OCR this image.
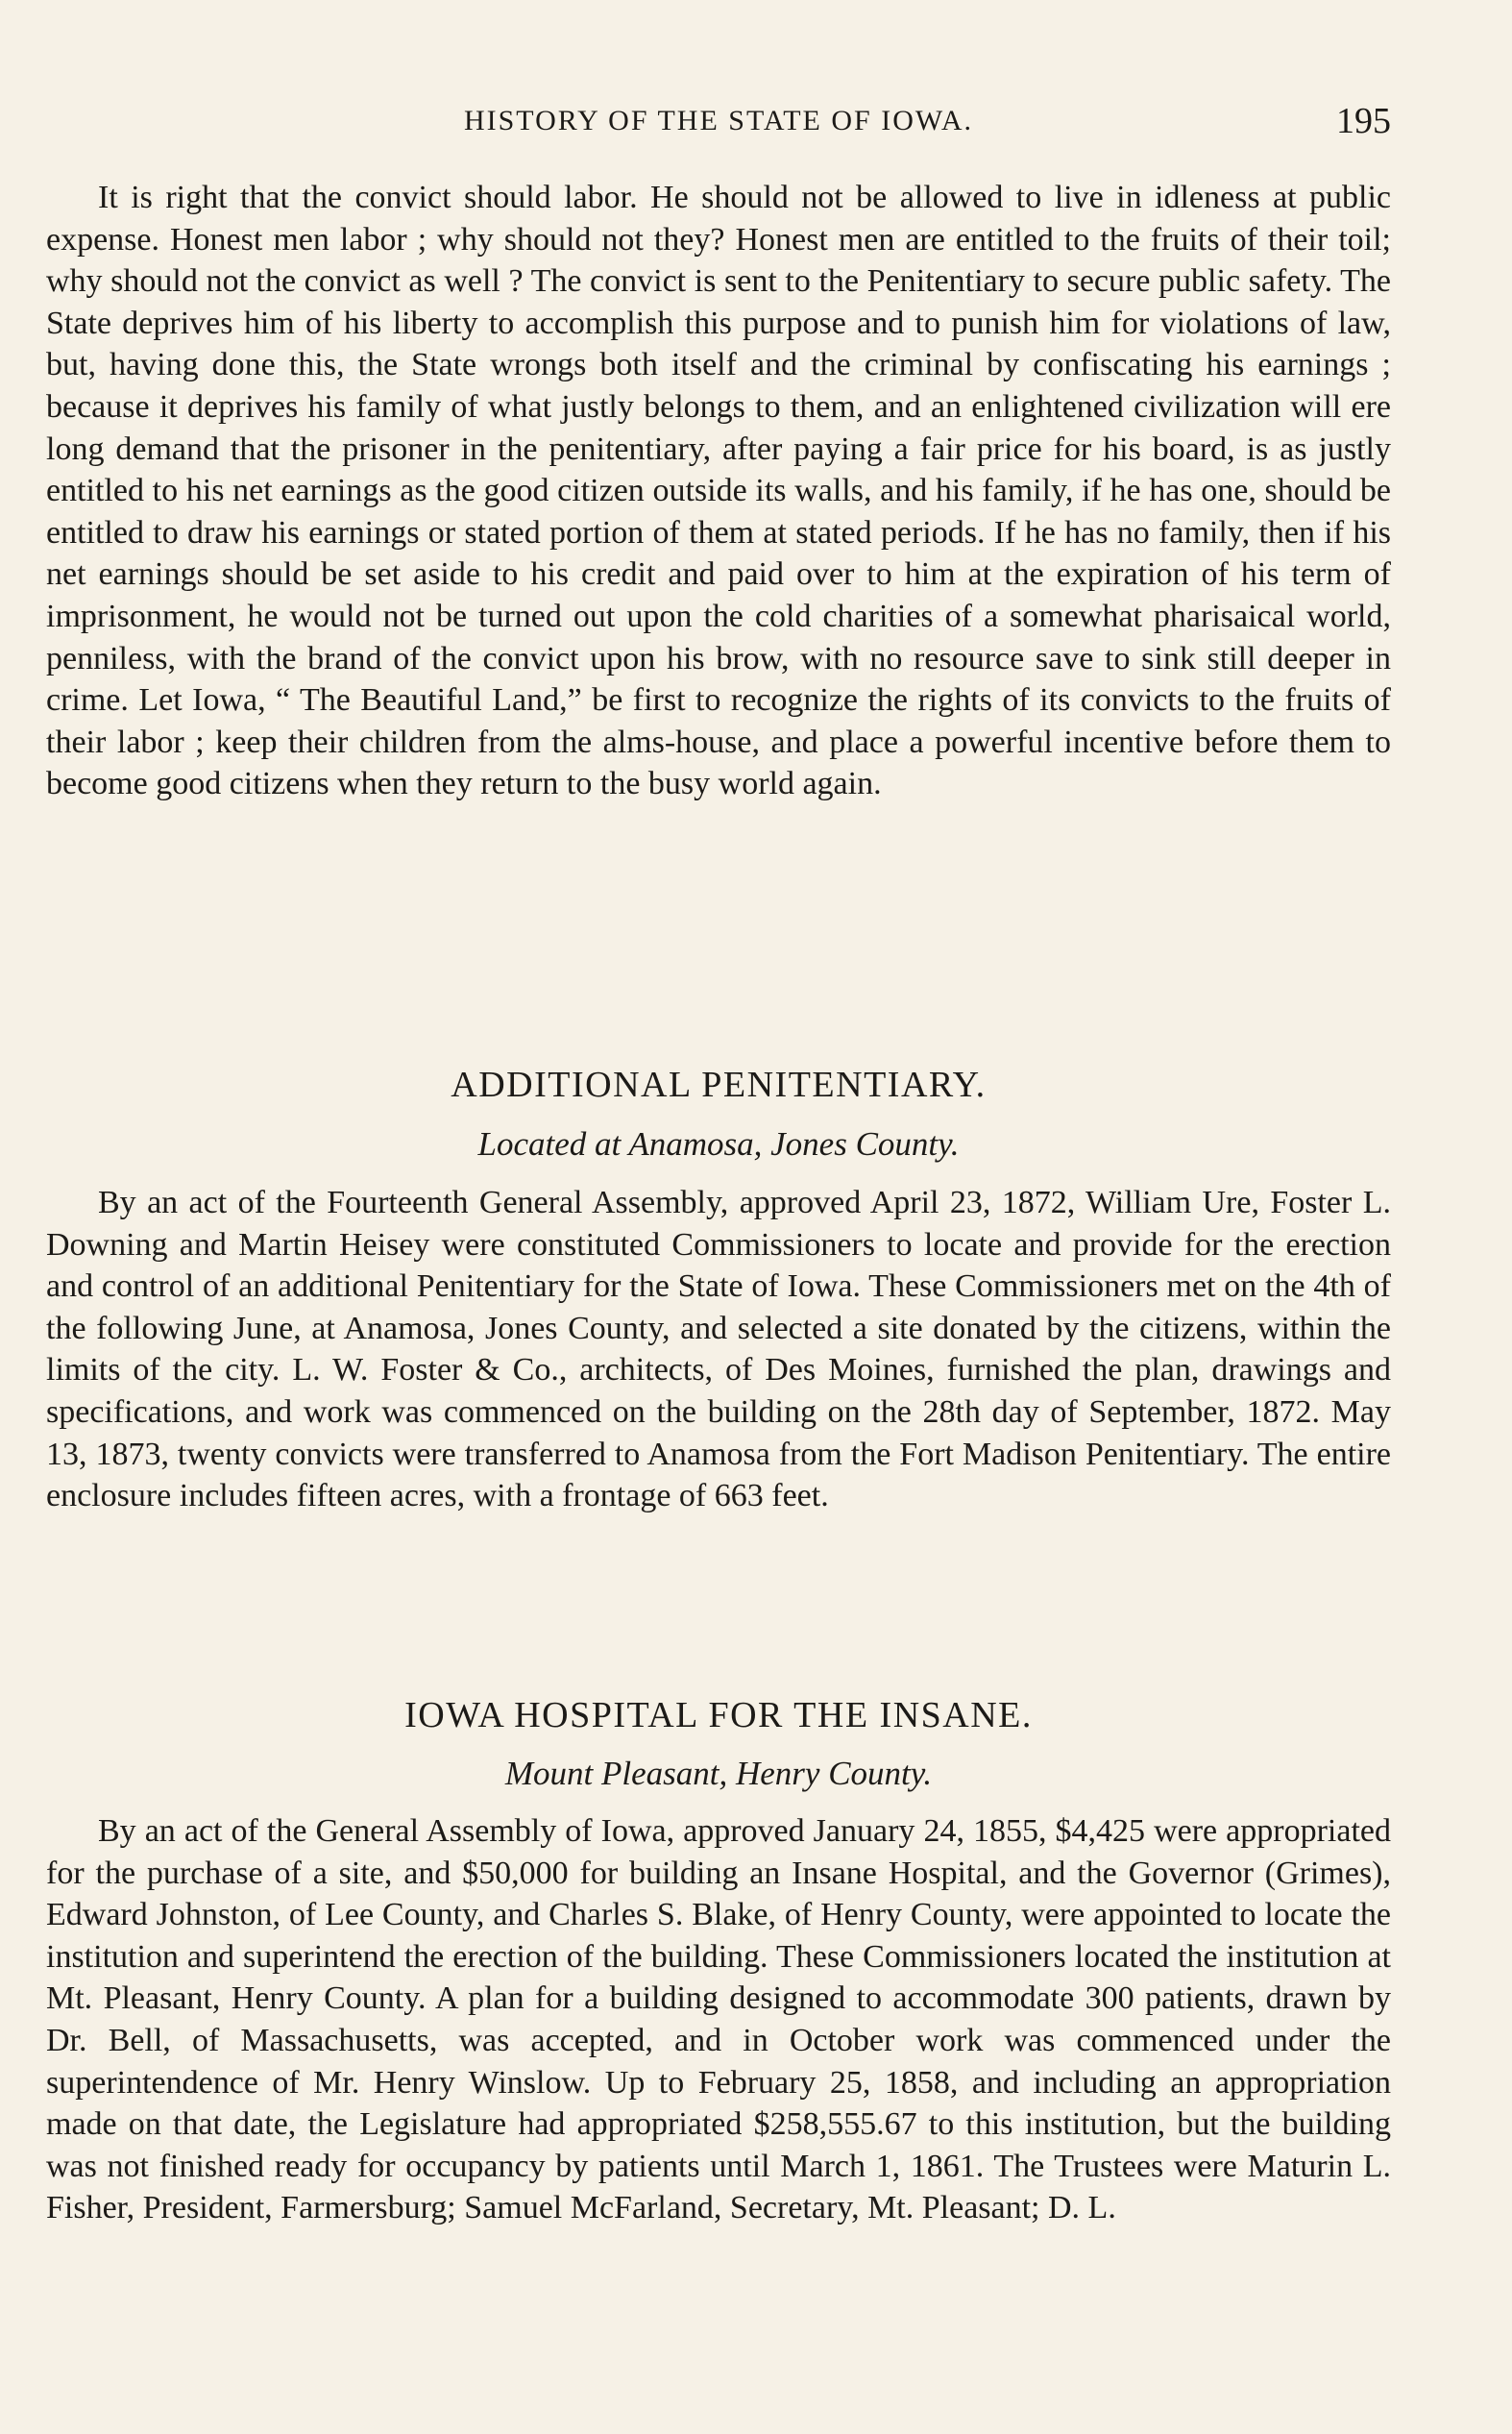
HISTORY OF THE STATE OF IOWA.	195

It is right that the convict should labor. He should not be allowed to live in idleness at public expense. Honest men labor ; why should not they? Honest men are entitled to the fruits of their toil; why should not the convict as well ? The convict is sent to the Penitentiary to secure public safety. The State deprives him of his liberty to accomplish this purpose and to punish him for violations of law, but, having done this, the State wrongs both itself and the criminal by confiscating his earnings ; because it deprives his family of what justly belongs to them, and an enlightened civilization will ere long demand that the prisoner in the penitentiary, after paying a fair price for his board, is as justly entitled to his net earnings as the good citizen outside its walls, and his family, if he has one, should be entitled to draw his earnings or stated portion of them at stated periods. If he has no family, then if his net earnings should be set aside to his credit and paid over to him at the expiration of his term of imprisonment, he would not be turned out upon the cold charities of a somewhat pharisaical world, penniless, with the brand of the convict upon his brow, with no resource save to sink still deeper in crime. Let Iowa, “ The Beautiful Land,” be first to recognize the rights of its convicts to the fruits of their labor ; keep their children from the alms-house, and place a powerful incentive before them to become good citizens when they return to the busy world again.

ADDITIONAL PENITENTIARY.
Located at Anamosa, Jones County.

By an act of the Fourteenth General Assembly, approved April 23, 1872, William Ure, Foster L. Downing and Martin Heisey were constituted Commissioners to locate and provide for the erection and control of an additional Penitentiary for the State of Iowa. These Commissioners met on the 4th of the following June, at Anamosa, Jones County, and selected a site donated by the citizens, within the limits of the city. L. W. Foster & Co., architects, of Des Moines, furnished the plan, drawings and specifications, and work was commenced on the building on the 28th day of September, 1872. May 13, 1873, twenty convicts were transferred to Anamosa from the Fort Madison Penitentiary. The entire enclosure includes fifteen acres, with a frontage of 663 feet.

IOWA HOSPITAL FOR THE INSANE.
Mount Pleasant, Henry County.

By an act of the General Assembly of Iowa, approved January 24, 1855, $4,425 were appropriated for the purchase of a site, and $50,000 for building an Insane Hospital, and the Governor (Grimes), Edward Johnston, of Lee County, and Charles S. Blake, of Henry County, were appointed to locate the institution and superintend the erection of the building. These Commissioners located the institution at Mt. Pleasant, Henry County. A plan for a building designed to accommodate 300 patients, drawn by Dr. Bell, of Massachusetts, was accepted, and in October work was commenced under the superintendence of Mr. Henry Winslow. Up to February 25, 1858, and including an appropriation made on that date, the Legislature had appropriated $258,555.67 to this institution, but the building was not finished ready for occupancy by patients until March 1, 1861. The Trustees were Maturin L. Fisher, President, Farmersburg; Samuel McFarland, Secretary, Mt. Pleasant; D. L.
